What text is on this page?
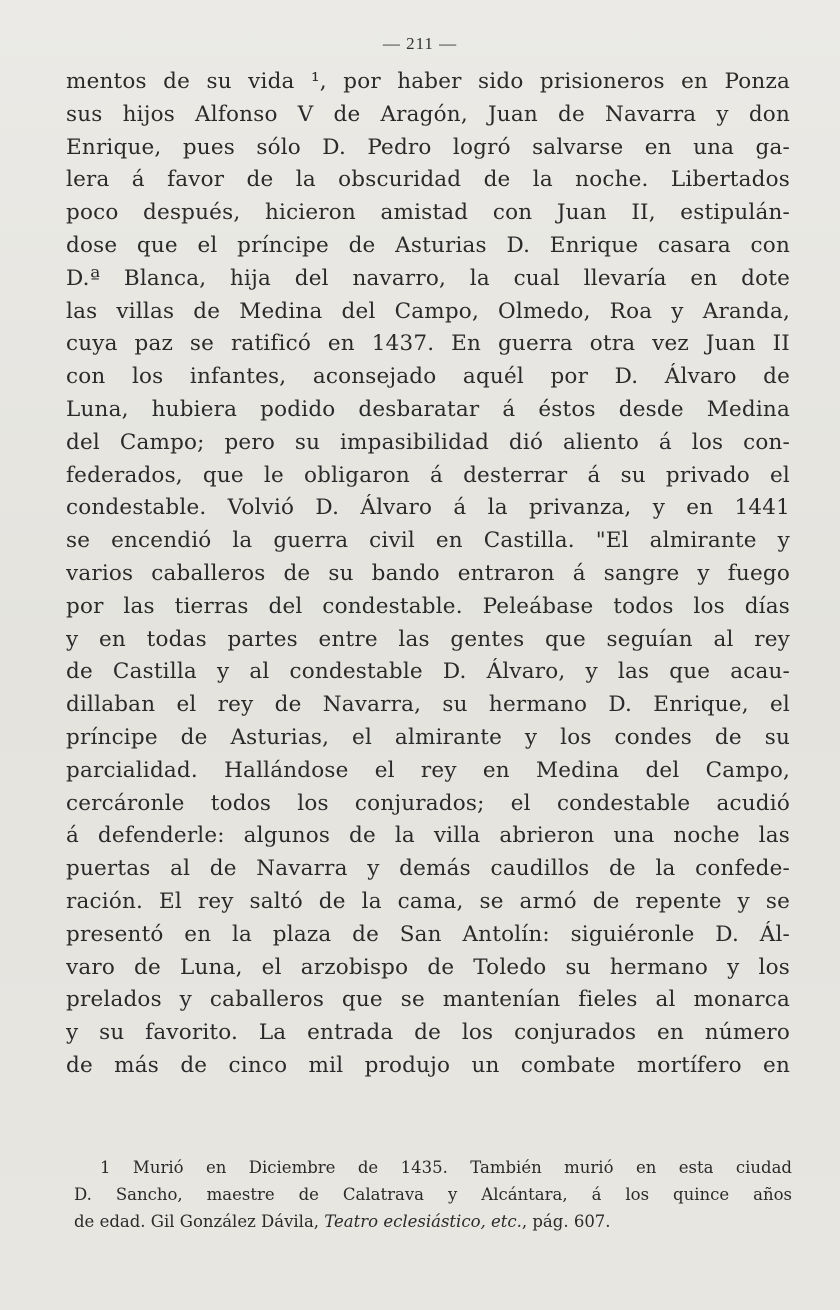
— 211 —
mentos de su vida ¹, por haber sido prisioneros en Ponza
sus hijos Alfonso V de Aragón, Juan de Navarra y don
Enrique, pues sólo D. Pedro logró salvarse en una ga-
lera á favor de la obscuridad de la noche. Libertados
poco después, hicieron amistad con Juan II, estipulán-
dose que el príncipe de Asturias D. Enrique casara con
D.ª Blanca, hija del navarro, la cual llevaría en dote
las villas de Medina del Campo, Olmedo, Roa y Aranda,
cuya paz se ratificó en 1437. En guerra otra vez Juan II
con los infantes, aconsejado aquél por D. Álvaro de
Luna, hubiera podido desbaratar á éstos desde Medina
del Campo; pero su impasibilidad dió aliento á los con-
federados, que le obligaron á desterrar á su privado el
condestable. Volvió D. Álvaro á la privanza, y en 1441
se encendió la guerra civil en Castilla. "El almirante y
varios caballeros de su bando entraron á sangre y fuego
por las tierras del condestable. Peleábase todos los días
y en todas partes entre las gentes que seguían al rey
de Castilla y al condestable D. Álvaro, y las que acau-
dillaban el rey de Navarra, su hermano D. Enrique, el
príncipe de Asturias, el almirante y los condes de su
parcialidad. Hallándose el rey en Medina del Campo,
cercáronle todos los conjurados; el condestable acudió
á defenderle: algunos de la villa abrieron una noche las
puertas al de Navarra y demás caudillos de la confede-
ración. El rey saltó de la cama, se armó de repente y se
presentó en la plaza de San Antolín: siguiéronle D. Ál-
varo de Luna, el arzobispo de Toledo su hermano y los
prelados y caballeros que se mantenían fieles al monarca
y su favorito. La entrada de los conjurados en número
de más de cinco mil produjo un combate mortífero en
1 Murió en Diciembre de 1435. También murió en esta ciudad
D. Sancho, maestre de Calatrava y Alcántara, á los quince años
de edad. Gil González Dávila, Teatro eclesiástico, etc., pág. 607.
